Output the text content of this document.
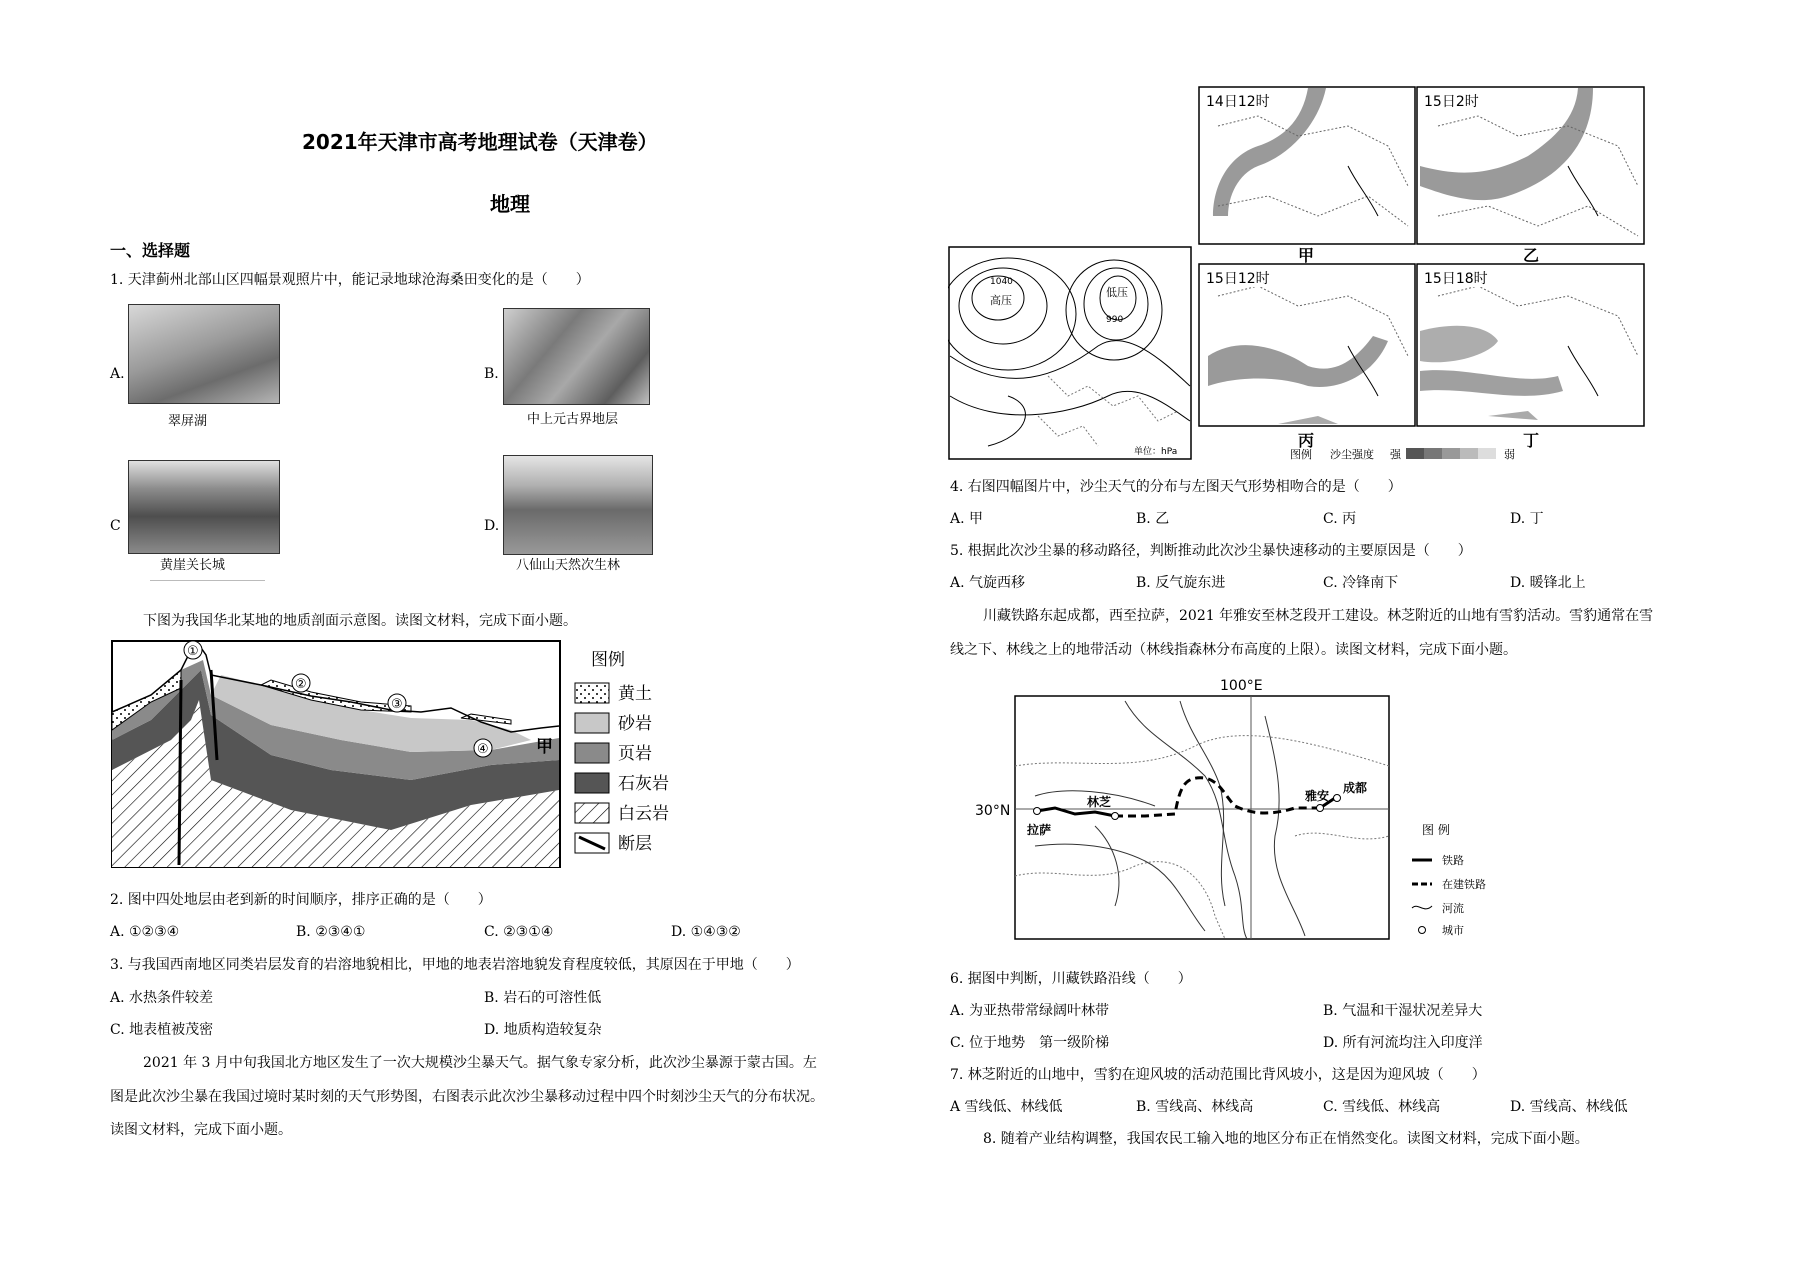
2021年天津市高考地理试卷（天津卷）
地理
一、选择题
1. 天津蓟州北部山区四幅景观照片中，能记录地球沧海桑田变化的是（　　）
A.
翠屏湖
B.
中上元古界地层
C
黄崖关长城
D.
八仙山天然次生林
下图为我国华北某地的地质剖面示意图。读图文材料，完成下面小题。
①
②
③
④	甲
图例
黄土
砂岩
页岩
石灰岩
白云岩
断层
2. 图中四处地层由老到新的时间顺序，排序正确的是（　　）
A. ①②③④	B. ②③④①	C. ②③①④	D. ①④③②
3. 与我国西南地区同类岩层发育的岩溶地貌相比，甲地的地表岩溶地貌发育程度较低，其原因在于甲地（　　）
A. 水热条件较差	B. 岩石的可溶性低
C. 地表植被茂密	D. 地质构造较复杂
2021 年 3 月中旬我国北方地区发生了一次大规模沙尘暴天气。据气象专家分析，此次沙尘暴源于蒙古国。左
图是此次沙尘暴在我国过境时某时刻的天气形势图，右图表示此次沙尘暴移动过程中四个时刻沙尘天气的分布状况。
读图文材料，完成下面小题。
1040
高压
低压
990
单位：hPa
14日12时	15日2时
15日12时	15日18时
甲	乙
丙	丁
图例 沙尘强度 强	弱
4. 右图四幅图片中，沙尘天气的分布与左图天气形势相吻合的是（　　）
A. 甲	B. 乙	C. 丙	D. 丁
5. 根据此次沙尘暴的移动路径，判断推动此次沙尘暴快速移动的主要原因是（　　）
A. 气旋西移	B. 反气旋东进	C. 冷锋南下	D. 暖锋北上
川藏铁路东起成都，西至拉萨，2021 年雅安至林芝段开工建设。林芝附近的山地有雪豹活动。雪豹通常在雪
线之下、林线之上的地带活动（林线指森林分布高度的上限）。读图文材料，完成下面小题。
100°E
30°N
拉萨
林芝	雅安
成都
图 例
铁路
在建铁路
河流
城市
6. 据图中判断，川藏铁路沿线（　　）
A. 为亚热带常绿阔叶林带	B. 气温和干湿状况差异大
C. 位于地势　第一级阶梯	D. 所有河流均注入印度洋
7. 林芝附近的山地中，雪豹在迎风坡的活动范围比背风坡小，这是因为迎风坡（　　）
A 雪线低、林线低	B. 雪线高、林线高	C. 雪线低、林线高	D. 雪线高、林线低
8. 随着产业结构调整，我国农民工输入地的地区分布正在悄然变化。读图文材料，完成下面小题。
